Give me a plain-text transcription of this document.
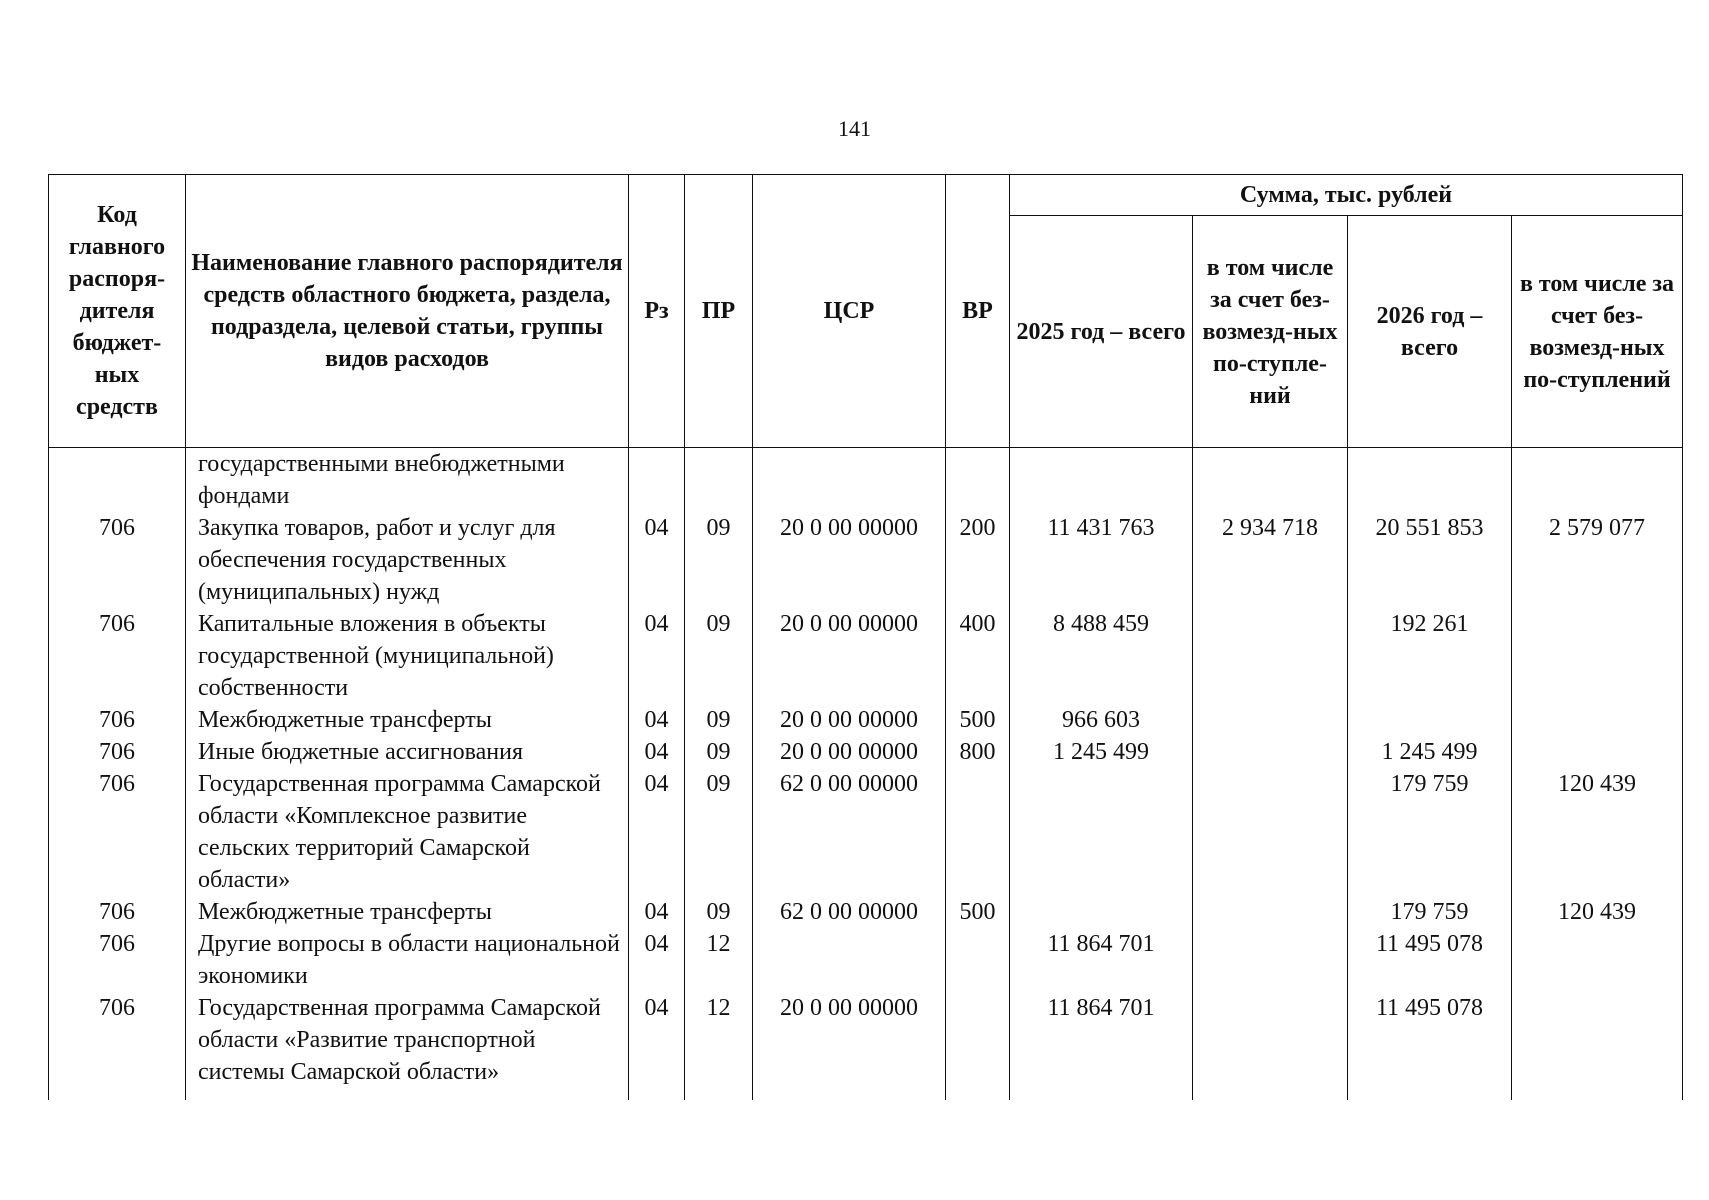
141
Код главного распоря-дителя бюджет-ных средств	Наименование главного распорядителя средств областного бюджета, раздела, подраздела, целевой статьи, группы видов расходов	Рз	ПР	ЦСР	ВР	Сумма, тыс. рублей			
						2025 год – всего	в том числе за счет без-возмезд-ных по-ступле-ний	2026 год – всего	в том числе за счет без-возмезд-ных по-ступлений
	государственными внебюджетными фондами								
706	Закупка товаров, работ и услуг для обеспечения государственных (муниципальных) нужд	04	09	20 0 00 00000	200	11 431 763	2 934 718	20 551 853	2 579 077
706	Капитальные вложения в объекты государственной (муниципальной) собственности	04	09	20 0 00 00000	400	8 488 459		192 261	
706	Межбюджетные трансферты	04	09	20 0 00 00000	500	966 603			
706	Иные бюджетные ассигнования	04	09	20 0 00 00000	800	1 245 499		1 245 499	
706	Государственная программа Самарской области «Комплексное развитие сельских территорий Самарской области»	04	09	62 0 00 00000				179 759	120 439
706	Межбюджетные трансферты	04	09	62 0 00 00000	500			179 759	120 439
706	Другие вопросы в области национальной экономики	04	12			11 864 701		11 495 078	
706	Государственная программа Самарской области «Развитие транспортной системы Самарской области»	04	12	20 0 00 00000		11 864 701		11 495 078	
